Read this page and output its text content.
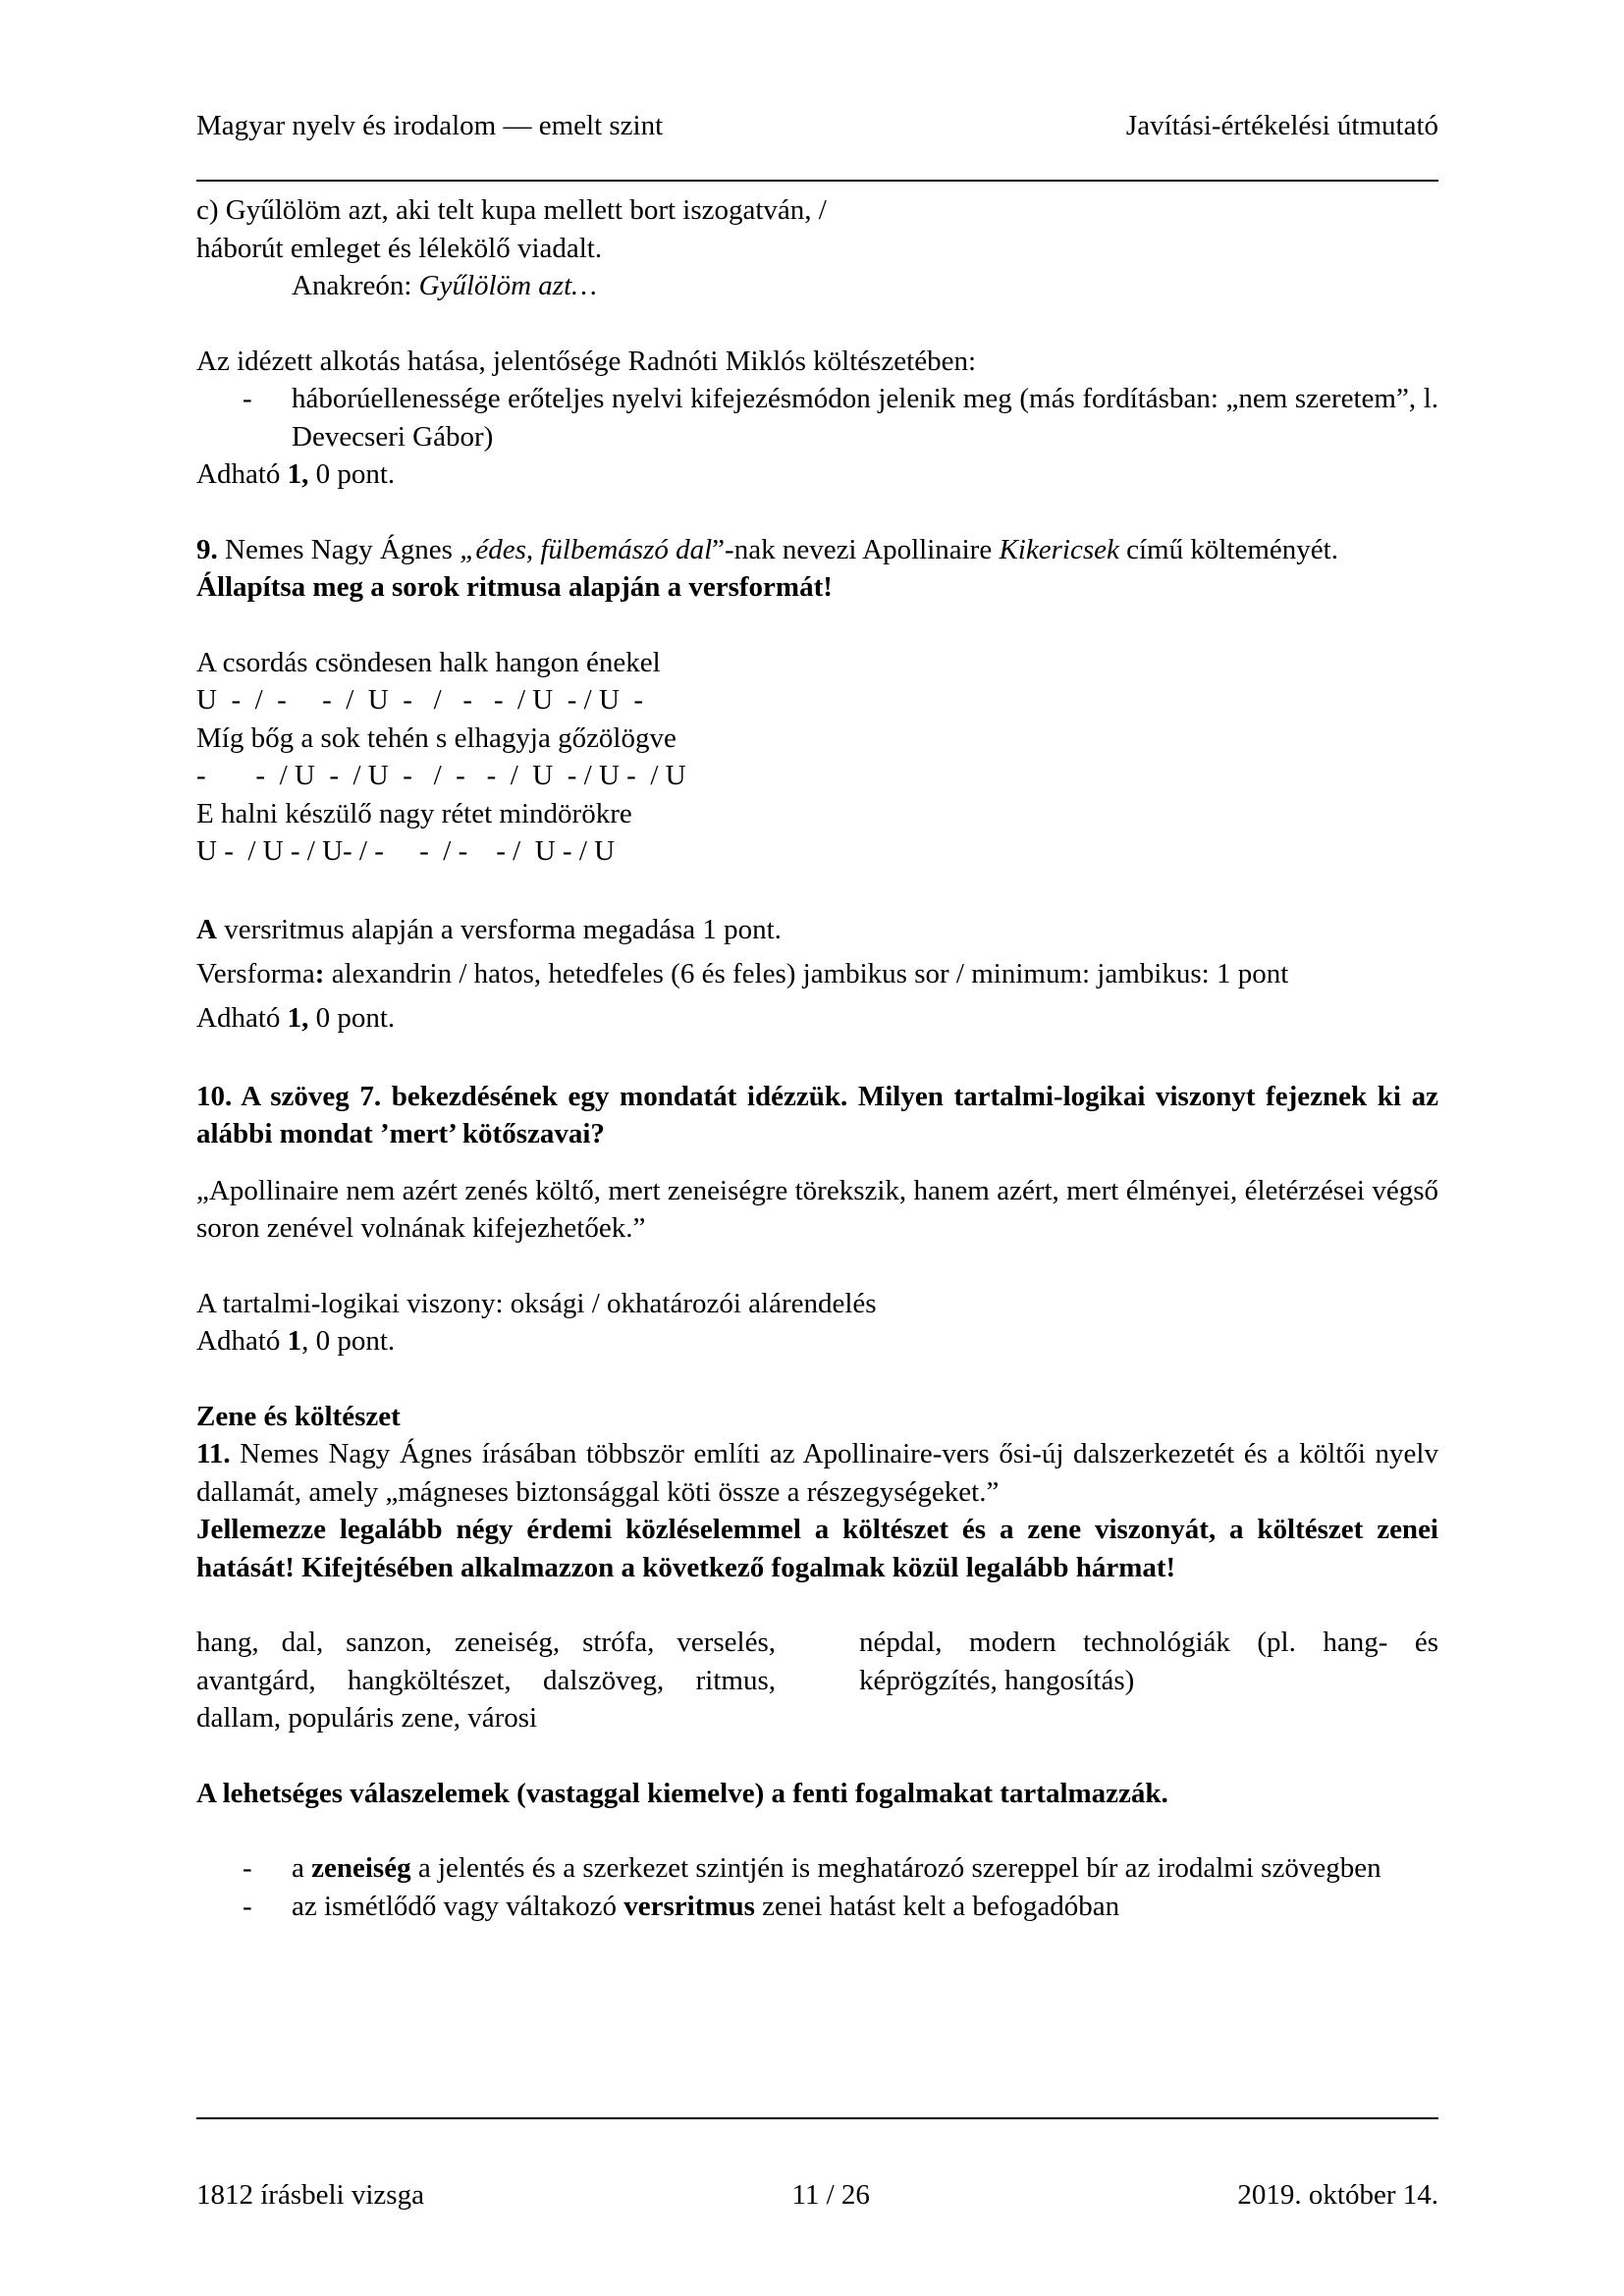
Magyar nyelv és irodalom — emelt szint	Javítási-értékelési útmutató

c) Gyűlölöm azt, aki telt kupa mellett bort iszogatván, /

háborút emleget és lélekölő viadalt.

Anakreón: Gyűlölöm azt…

Az idézett alkotás hatása, jelentősége Radnóti Miklós költészetében:

-	háborúellenessége erőteljes nyelvi kifejezésmódon jelenik meg (más fordításban: „nem szeretem”, l. Devecseri Gábor)

Adható 1, 0 pont.

9. Nemes Nagy Ágnes „édes, fülbemászó dal”-nak nevezi Apollinaire Kikericsek című költeményét.

Állapítsa meg a sorok ritmusa alapján a versformát!

A csordás csöndesen halk hangon énekel

U  -  /  -     -  /  U  -   /   -   -  / U  - / U  -

Míg bőg a sok tehén s elhagyja gőzölögve

-       -  / U  -  / U  -   /  -   -  /  U  - / U -  / U

E halni készülő nagy rétet mindörökre

U -  / U - / U- / -     -  / -    - /  U - / U

A versritmus alapján a versforma megadása 1 pont.

Versforma: alexandrin / hatos, hetedfeles (6 és feles) jambikus sor / minimum: jambikus: 1 pont

Adható 1, 0 pont.

10. A szöveg 7. bekezdésének egy mondatát idézzük. Milyen tartalmi-logikai viszonyt fejeznek ki az alábbi mondat ’mert’ kötőszavai?

„Apollinaire nem azért zenés költő, mert zeneiségre törekszik, hanem azért, mert élményei, életérzései végső soron zenével volnának kifejezhetőek.”

A tartalmi-logikai viszony: oksági / okhatározói alárendelés

Adható 1, 0 pont.

Zene és költészet

11. Nemes Nagy Ágnes írásában többször említi az Apollinaire-vers ősi-új dalszerkezetét és a költői nyelv dallamát, amely „mágneses biztonsággal köti össze a részegységeket.”

Jellemezze legalább négy érdemi közléselemmel a költészet és a zene viszonyát, a költészet zenei hatását! Kifejtésében alkalmazzon a következő fogalmak közül legalább hármat!

hang, dal, sanzon, zeneiség, strófa, verselés, avantgárd, hangköltészet, dalszöveg, ritmus, dallam, populáris zene, városi

népdal, modern technológiák (pl. hang- és képrögzítés, hangosítás)

A lehetséges válaszelemek (vastaggal kiemelve) a fenti fogalmakat tartalmazzák.

-	a zeneiség a jelentés és a szerkezet szintjén is meghatározó szereppel bír az irodalmi szövegben
-	az ismétlődő vagy váltakozó versritmus zenei hatást kelt a befogadóban
1812 írásbeli vizsga	11 / 26	2019. október 14.
